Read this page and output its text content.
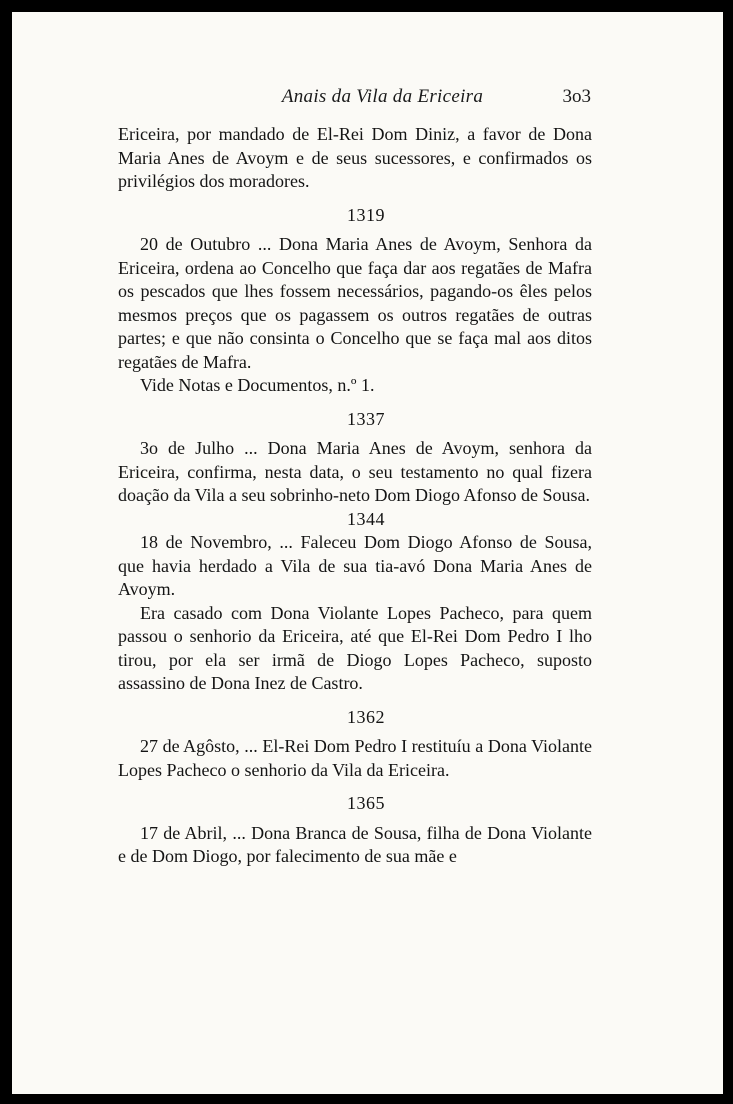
Anais da Vila da Ericeira	3o3

Ericeira, por mandado de El-Rei Dom Diniz, a favor de Dona Maria Anes de Avoym e de seus sucessores, e confirmados os privilégios dos moradores.

1319

20 de Outubro ... Dona Maria Anes de Avoym, Senhora da Ericeira, ordena ao Concelho que faça dar aos regatães de Mafra os pescados que lhes fossem necessários, pagando-os êles pelos mesmos preços que os pagassem os outros regatães de outras partes; e que não consinta o Concelho que se faça mal aos ditos regatães de Mafra.

Vide Notas e Documentos, n.º 1.

1337

3o de Julho ... Dona Maria Anes de Avoym, senhora da Ericeira, confirma, nesta data, o seu testamento no qual fizera doação da Vila a seu sobrinho-neto Dom Diogo Afonso de Sousa.

1344

18 de Novembro, ... Faleceu Dom Diogo Afonso de Sousa, que havia herdado a Vila de sua tia-avó Dona Maria Anes de Avoym.

Era casado com Dona Violante Lopes Pacheco, para quem passou o senhorio da Ericeira, até que El-Rei Dom Pedro I lho tirou, por ela ser irmã de Diogo Lopes Pacheco, suposto assassino de Dona Inez de Castro.

1362

27 de Agôsto, ... El-Rei Dom Pedro I restituíu a Dona Violante Lopes Pacheco o senhorio da Vila da Ericeira.

1365

17 de Abril, ... Dona Branca de Sousa, filha de Dona Violante e de Dom Diogo, por falecimento de sua mãe e
